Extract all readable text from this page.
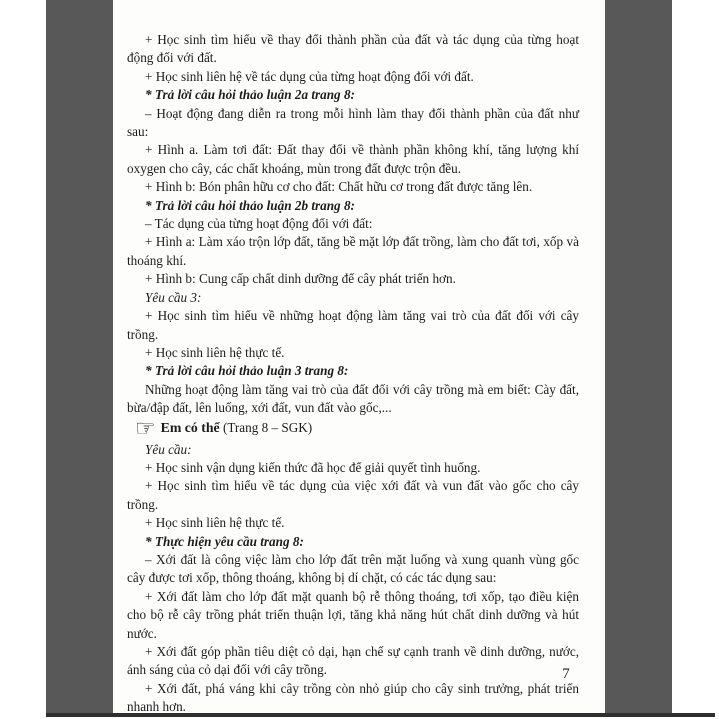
+ Học sinh tìm hiểu về thay đổi thành phần của đất và tác dụng của từng hoạt động đối với đất.

+ Học sinh liên hệ về tác dụng của từng hoạt động đối với đất.

* Trả lời câu hỏi thảo luận 2a trang 8:

– Hoạt động đang diễn ra trong mỗi hình làm thay đổi thành phần của đất như sau:

+ Hình a. Làm tơi đất: Đất thay đổi về thành phần không khí, tăng lượng khí oxygen cho cây, các chất khoáng, mùn trong đất được trộn đều.

+ Hình b: Bón phân hữu cơ cho đất: Chất hữu cơ trong đất được tăng lên.

* Trả lời câu hỏi thảo luận 2b trang 8:

– Tác dụng của từng hoạt động đối với đất:

+ Hình a: Làm xáo trộn lớp đất, tăng bề mặt lớp đất trồng, làm cho đất tơi, xốp và thoáng khí.

+ Hình b: Cung cấp chất dinh dưỡng để cây phát triển hơn.

Yêu cầu 3:

+ Học sinh tìm hiểu về những hoạt động làm tăng vai trò của đất đối với cây trồng.

+ Học sinh liên hệ thực tế.

* Trả lời câu hỏi thảo luận 3 trang 8:

Những hoạt động làm tăng vai trò của đất đối với cây trồng mà em biết: Cày đất, bừa/đập đất, lên luống, xới đất, vun đất vào gốc,...

☞ Em có thể (Trang 8 – SGK)

Yêu cầu:

+ Học sinh vận dụng kiến thức đã học để giải quyết tình huống.

+ Học sinh tìm hiểu về tác dụng của việc xới đất và vun đất vào gốc cho cây trồng.

+ Học sinh liên hệ thực tế.

* Thực hiện yêu cầu trang 8:

– Xới đất là công việc làm cho lớp đất trên mặt luống và xung quanh vùng gốc cây được tơi xốp, thông thoáng, không bị dí chặt, có các tác dụng sau:

+ Xới đất làm cho lớp đất mặt quanh bộ rễ thông thoáng, tơi xốp, tạo điều kiện cho bộ rễ cây trồng phát triển thuận lợi, tăng khả năng hút chất dinh dưỡng và hút nước.

+ Xới đất góp phần tiêu diệt cỏ dại, hạn chế sự cạnh tranh về dinh dưỡng, nước, ánh sáng của cỏ dại đối với cây trồng.

+ Xới đất, phá váng khi cây trồng còn nhỏ giúp cho cây sinh trưởng, phát triển nhanh hơn.

7
